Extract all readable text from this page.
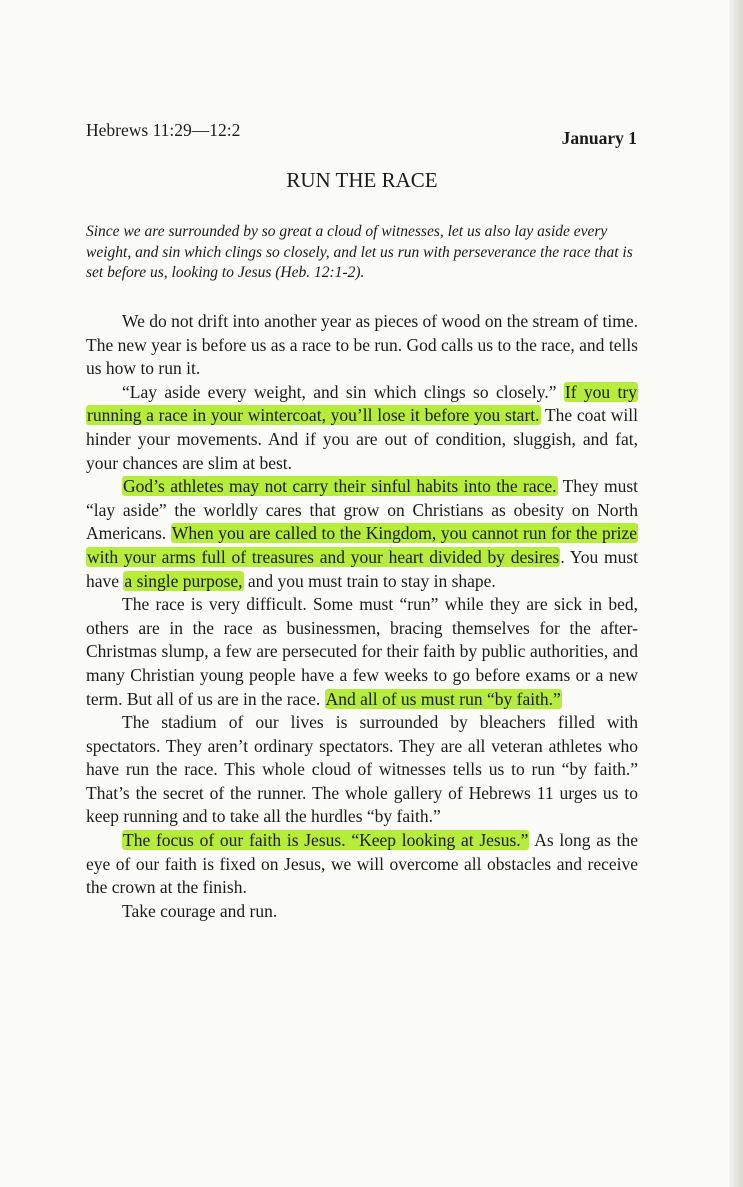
Hebrews 11:29—12:2	January 1
RUN THE RACE
Since we are surrounded by so great a cloud of witnesses, let us also lay aside every weight, and sin which clings so closely, and let us run with perseverance the race that is set before us, looking to Jesus (Heb. 12:1-2).

We do not drift into another year as pieces of wood on the stream of time. The new year is before us as a race to be run. God calls us to the race, and tells us how to run it.

“Lay aside every weight, and sin which clings so closely.” If you try running a race in your wintercoat, you’ll lose it before you start. The coat will hinder your movements. And if you are out of condition, sluggish, and fat, your chances are slim at best.

God’s athletes may not carry their sinful habits into the race. They must “lay aside” the worldly cares that grow on Christians as obesity on North Americans. When you are called to the Kingdom, you cannot run for the prize with your arms full of treasures and your heart divided by desires. You must have a single purpose, and you must train to stay in shape.

The race is very difficult. Some must “run” while they are sick in bed, others are in the race as businessmen, bracing themselves for the after-Christmas slump, a few are persecuted for their faith by public authorities, and many Christian young people have a few weeks to go before exams or a new term. But all of us are in the race. And all of us must run “by faith.”

The stadium of our lives is surrounded by bleachers filled with spectators. They aren’t ordinary spectators. They are all veteran athletes who have run the race. This whole cloud of witnesses tells us to run “by faith.” That’s the secret of the runner. The whole gallery of Hebrews 11 urges us to keep running and to take all the hurdles “by faith.”

The focus of our faith is Jesus. “Keep looking at Jesus.” As long as the eye of our faith is fixed on Jesus, we will overcome all obstacles and receive the crown at the finish.

Take courage and run.
